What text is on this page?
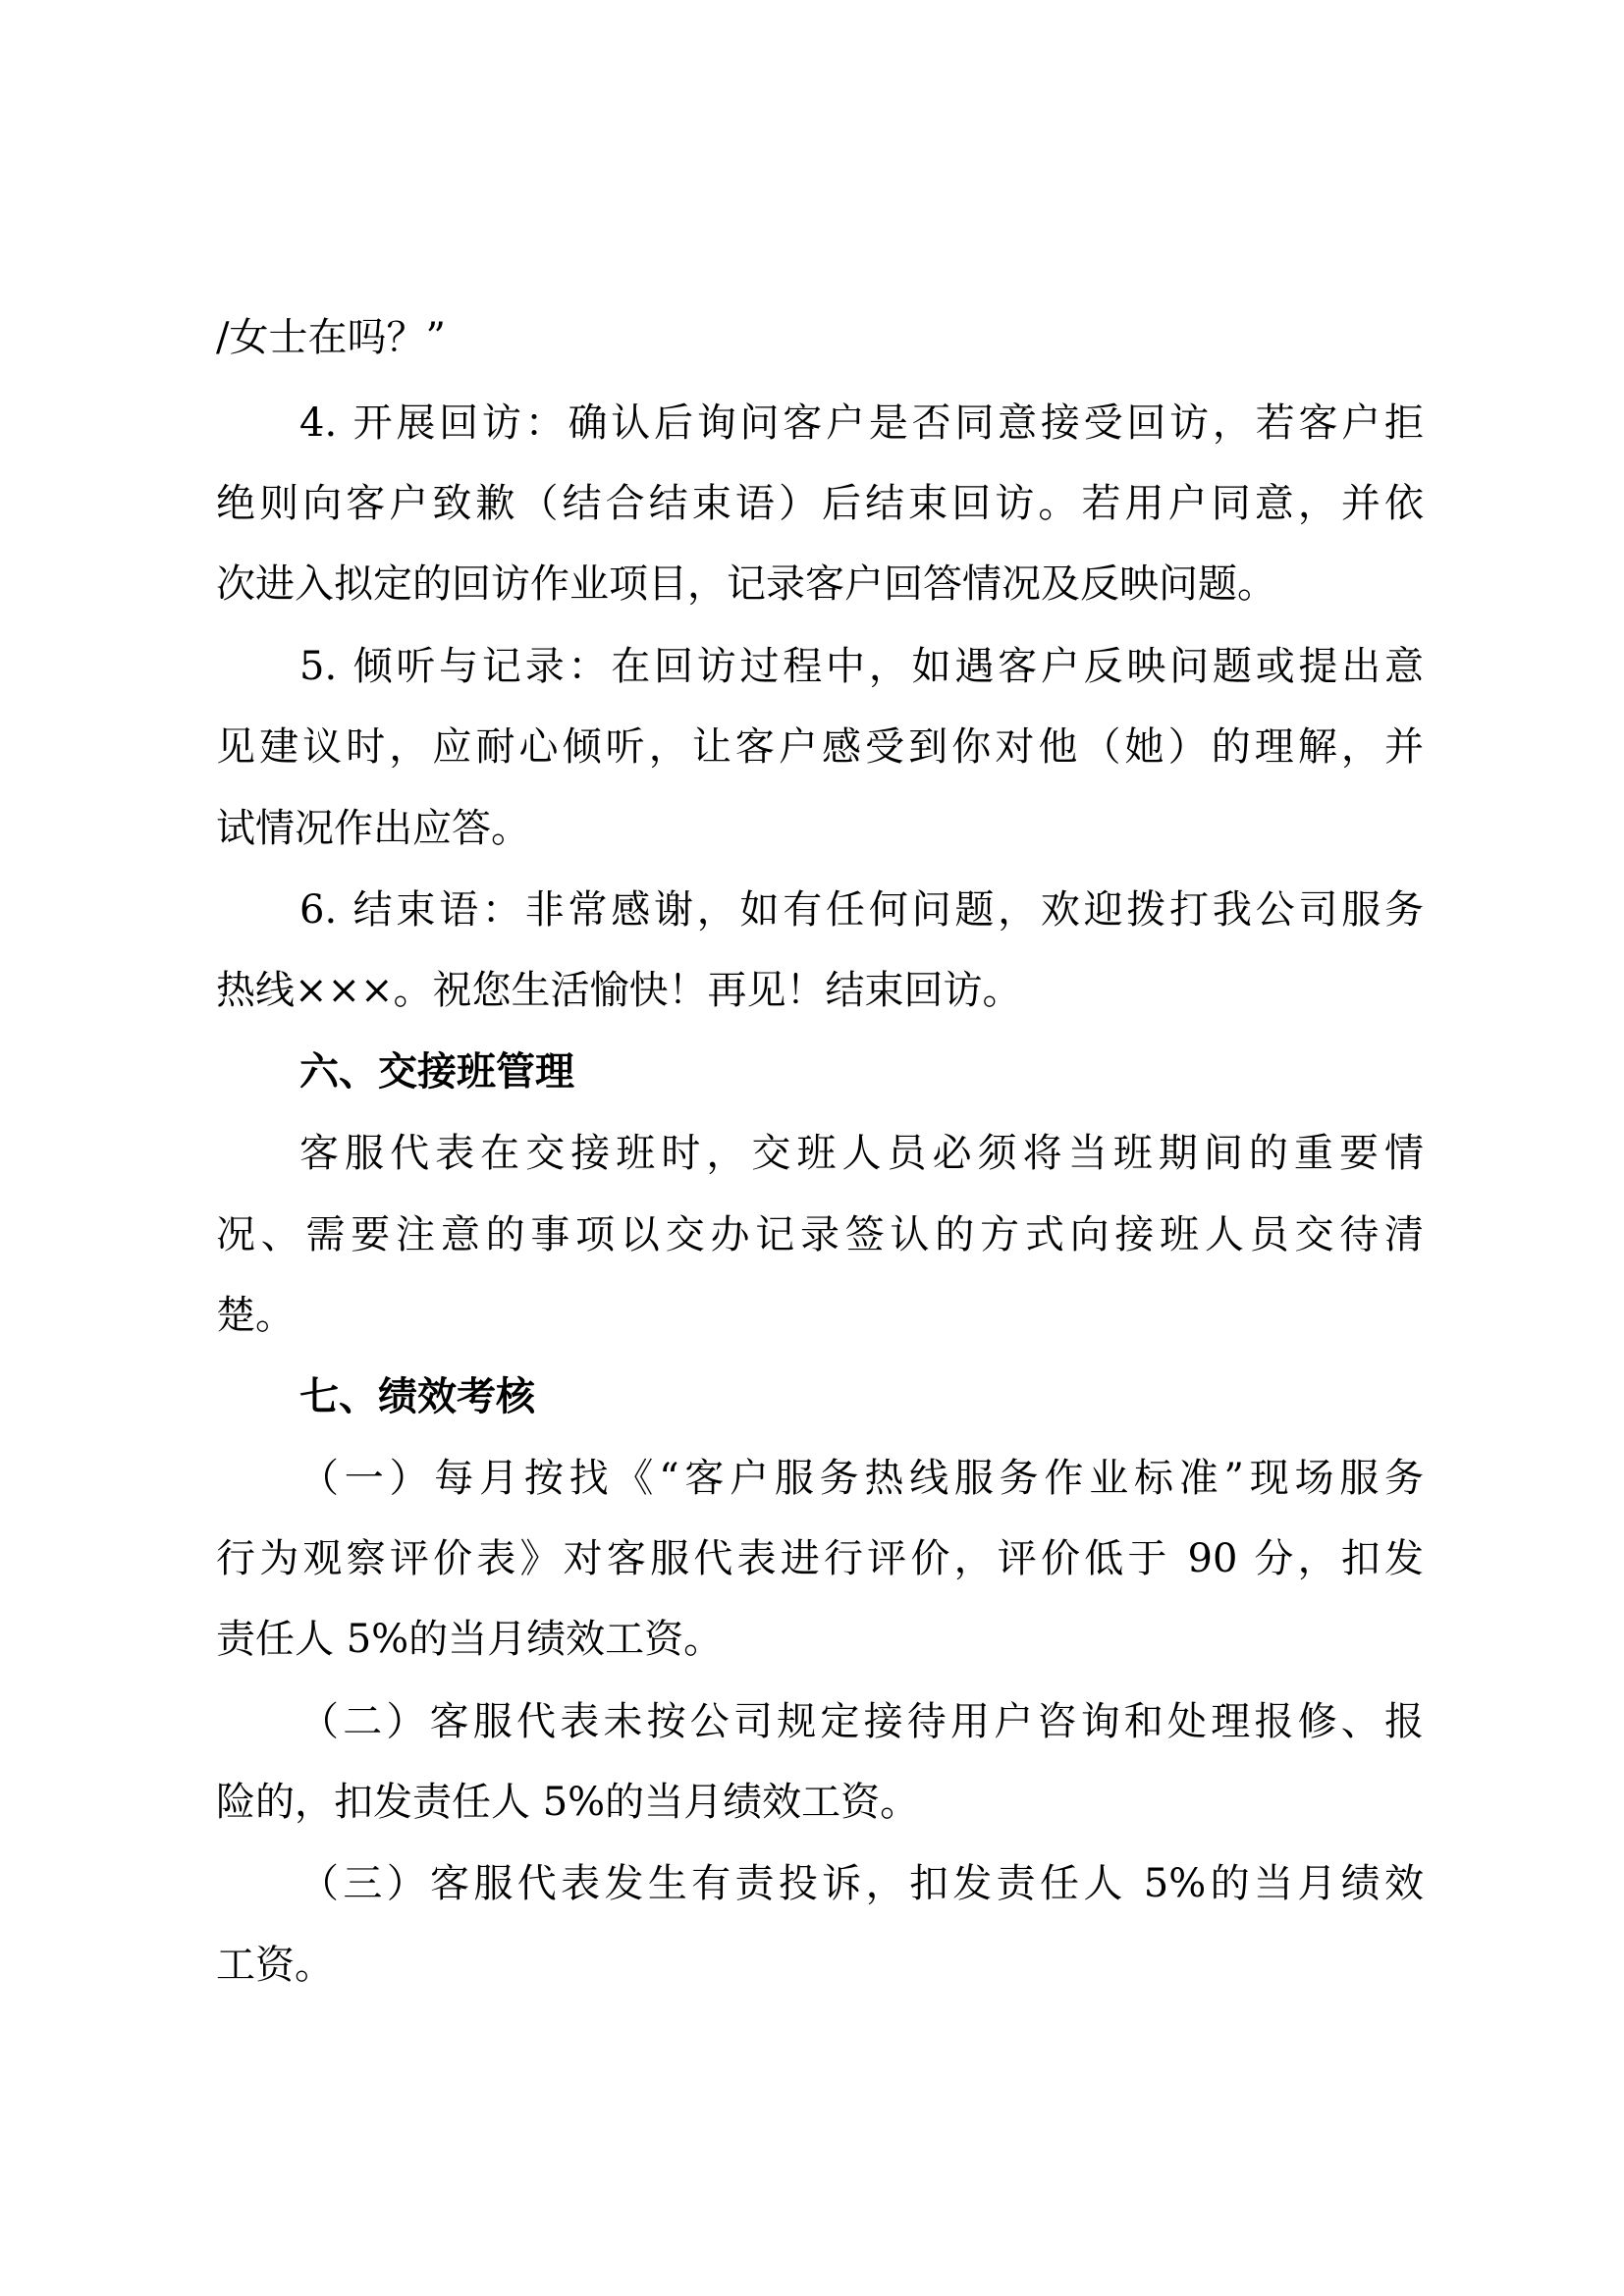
/女士在吗？”
4. 开展回访：确认后询问客户是否同意接受回访，若客户拒
绝则向客户致歉（结合结束语）后结束回访。若用户同意，并依
次进入拟定的回访作业项目，记录客户回答情况及反映问题。
5. 倾听与记录：在回访过程中，如遇客户反映问题或提出意
见建议时，应耐心倾听，让客户感受到你对他（她）的理解，并
试情况作出应答。
6. 结束语：非常感谢，如有任何问题，欢迎拨打我公司服务
热线×××。祝您生活愉快！再见！结束回访。
六、交接班管理
客服代表在交接班时，交班人员必须将当班期间的重要情
况、需要注意的事项以交办记录签认的方式向接班人员交待清
楚。
七、绩效考核
（一）每月按找《“客户服务热线服务作业标准”现场服务
行为观察评价表》对客服代表进行评价，评价低于 90 分，扣发
责任人 5%的当月绩效工资。
（二）客服代表未按公司规定接待用户咨询和处理报修、报
险的，扣发责任人 5%的当月绩效工资。
（三）客服代表发生有责投诉，扣发责任人 5%的当月绩效
工资。
